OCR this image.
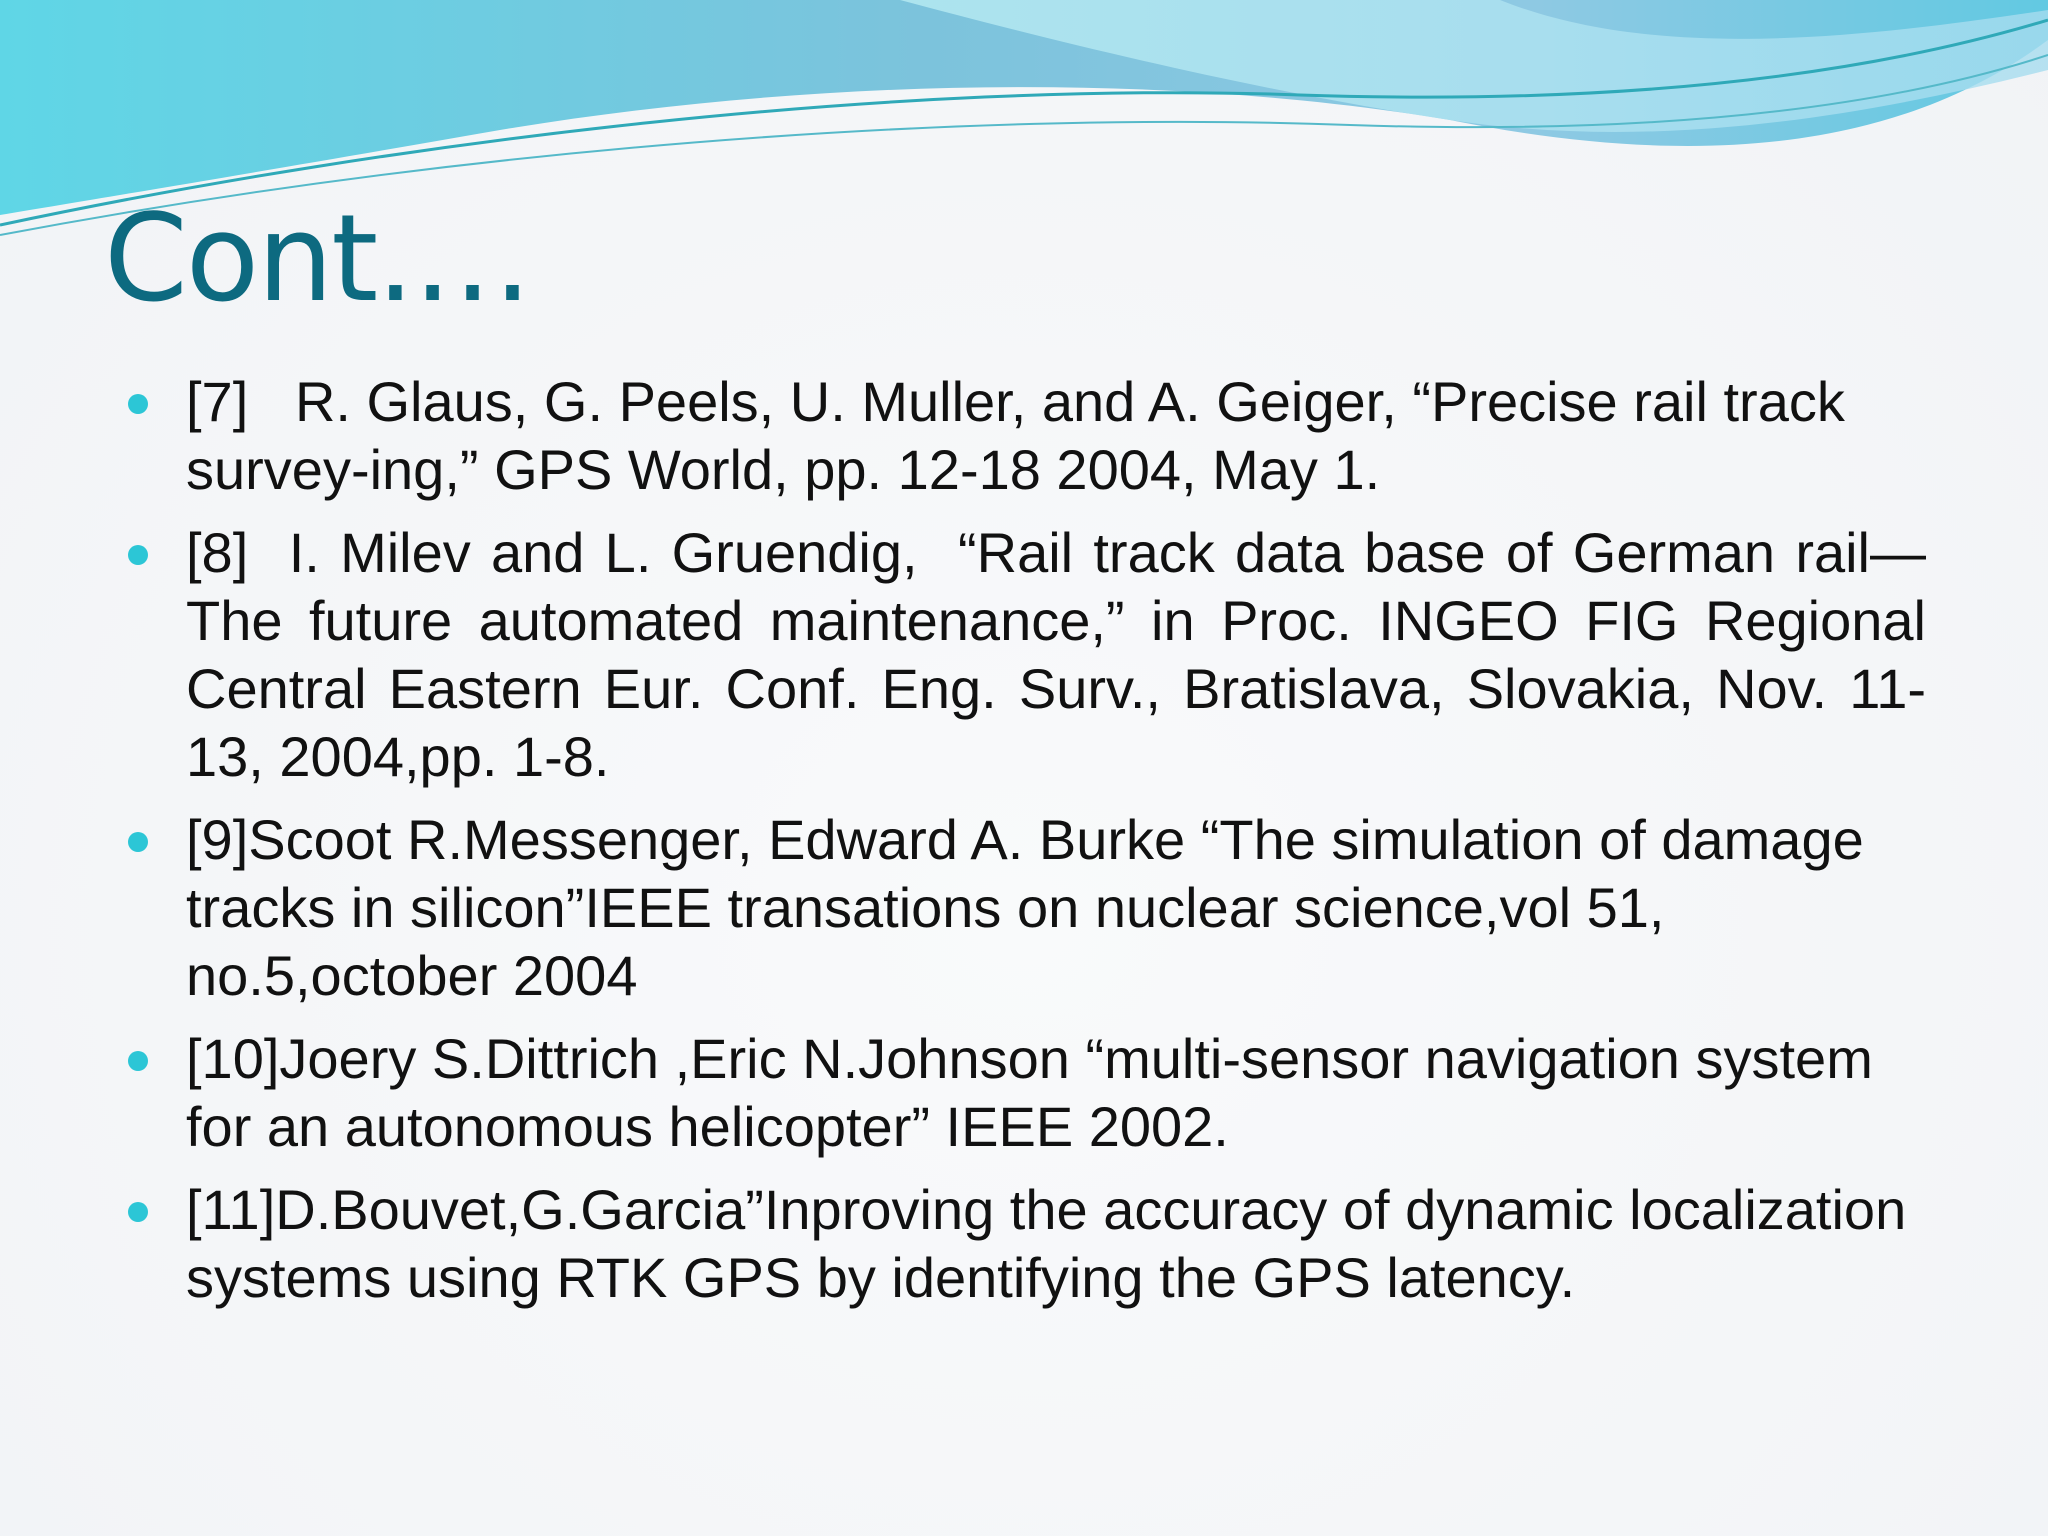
Cont.…
[7]   R. Glaus, G. Peels, U. Muller, and A. Geiger, “Precise rail track survey-ing,” GPS World, pp. 12-18 2004, May 1.
[8]  I. Milev and L. Gruendig,  “Rail track data base of German rail—The future automated maintenance,” in Proc. INGEO FIG Regional Central Eastern Eur. Conf. Eng. Surv., Bratislava, Slovakia, Nov. 11-13, 2004,pp. 1-8.
[9]Scoot R.Messenger, Edward A. Burke “The simulation of damage tracks in silicon”IEEE transations on nuclear science,vol 51, no.5,october 2004
[10]Joery S.Dittrich ,Eric N.Johnson “multi-sensor navigation system for an autonomous helicopter” IEEE 2002.
[11]D.Bouvet,G.Garcia”Inproving the accuracy of dynamic localization systems using RTK GPS by identifying the GPS latency.
